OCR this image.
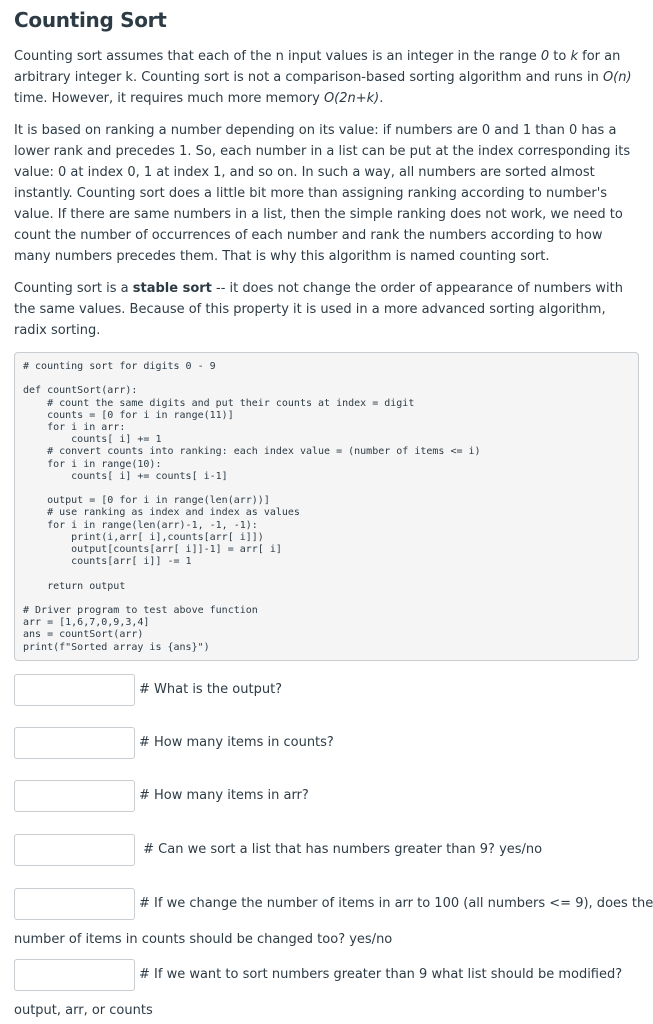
Counting Sort

Counting sort assumes that each of the n input values is an integer in the range 0 to k for an arbitrary integer k. Counting sort is not a comparison-based sorting algorithm and runs in O(n) time. However, it requires much more memory O(2n+k).

It is based on ranking a number depending on its value: if numbers are 0 and 1 than 0 has a lower rank and precedes 1. So, each number in a list can be put at the index corresponding its value: 0 at index 0, 1 at index 1, and so on. In such a way, all numbers are sorted almost instantly. Counting sort does a little bit more than assigning ranking according to number's value. If there are same numbers in a list, then the simple ranking does not work, we need to count the number of occurrences of each number and rank the numbers according to how many numbers precedes them. That is why this algorithm is named counting sort.

Counting sort is a stable sort -- it does not change the order of appearance of numbers with the same values. Because of this property it is used in a more advanced sorting algorithm, radix sorting.

# counting sort for digits 0 - 9

def countSort(arr):
# count the same digits and put their counts at index = digit
counts = [0 for i in range(11)]
for i in arr:
counts[ i] += 1
# convert counts into ranking: each index value = (number of items <= i)
for i in range(10):
counts[ i] += counts[ i-1]

output = [0 for i in range(len(arr))]
# use ranking as index and index as values
for i in range(len(arr)-1, -1, -1):
print(i,arr[ i],counts[arr[ i]])
output[counts[arr[ i]]-1] = arr[ i]
counts[arr[ i]] -= 1

return output

# Driver program to test above function
arr = [1,6,7,0,9,3,4]
ans = countSort(arr)
print(f"Sorted array is {ans}")
# What is the output?
# How many items in counts?
# How many items in arr?
# Can we sort a list that has numbers greater than 9? yes/no
# If we change the number of items in arr to 100 (all numbers <= 9), does the
number of items in counts should be changed too? yes/no
# If we want to sort numbers greater than 9 what list should be modified?
output, arr, or counts
